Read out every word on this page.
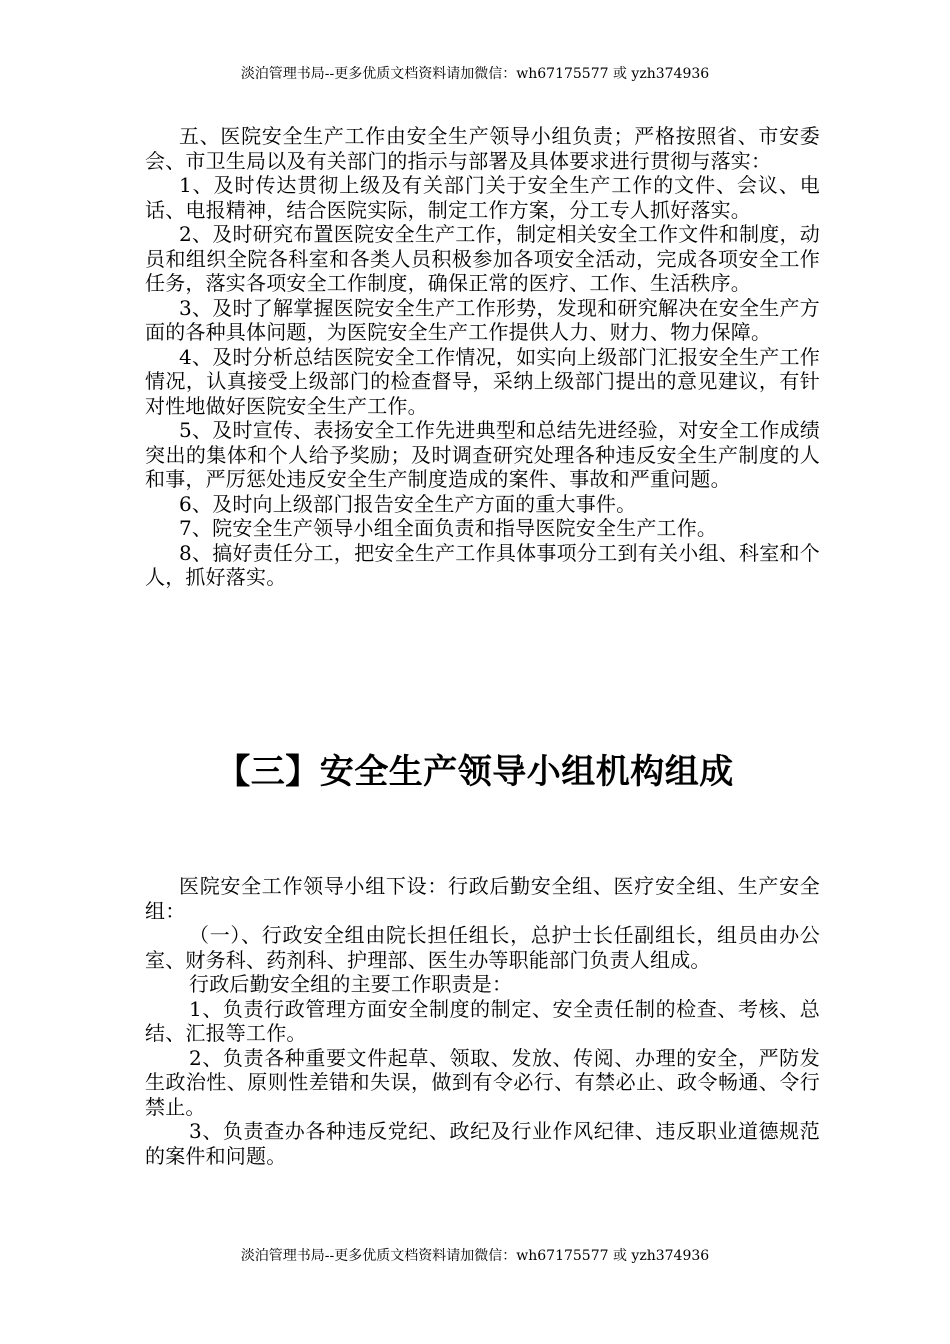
淡泊管理书局--更多优质文档资料请加微信：wh67175577 或 yzh374936

五、医院安全生产工作由安全生产领导小组负责；严格按照省、市安委会、市卫生局以及有关部门的指示与部署及具体要求进行贯彻与落实：

1、及时传达贯彻上级及有关部门关于安全生产工作的文件、会议、电话、电报精神，结合医院实际，制定工作方案，分工专人抓好落实。

2、及时研究布置医院安全生产工作，制定相关安全工作文件和制度，动员和组织全院各科室和各类人员积极参加各项安全活动，完成各项安全工作任务，落实各项安全工作制度，确保正常的医疗、工作、生活秩序。

3、及时了解掌握医院安全生产工作形势，发现和研究解决在安全生产方面的各种具体问题，为医院安全生产工作提供人力、财力、物力保障。

4、及时分析总结医院安全工作情况，如实向上级部门汇报安全生产工作情况，认真接受上级部门的检查督导，采纳上级部门提出的意见建议，有针对性地做好医院安全生产工作。

5、及时宣传、表扬安全工作先进典型和总结先进经验，对安全工作成绩突出的集体和个人给予奖励；及时调查研究处理各种违反安全生产制度的人和事，严厉惩处违反安全生产制度造成的案件、事故和严重问题。

6、及时向上级部门报告安全生产方面的重大事件。

7、院安全生产领导小组全面负责和指导医院安全生产工作。

8、搞好责任分工，把安全生产工作具体事项分工到有关小组、科室和个人，抓好落实。

【三】安全生产领导小组机构组成

医院安全工作领导小组下设：行政后勤安全组、医疗安全组、生产安全组：

（一）、行政安全组由院长担任组长，总护士长任副组长，组员由办公室、财务科、药剂科、护理部、医生办等职能部门负责人组成。

行政后勤安全组的主要工作职责是：

1、负责行政管理方面安全制度的制定、安全责任制的检查、考核、总结、汇报等工作。

2、负责各种重要文件起草、领取、发放、传阅、办理的安全，严防发生政治性、原则性差错和失误，做到有令必行、有禁必止、政令畅通、令行禁止。

3、负责查办各种违反党纪、政纪及行业作风纪律、违反职业道德规范的案件和问题。

淡泊管理书局--更多优质文档资料请加微信：wh67175577 或 yzh374936
